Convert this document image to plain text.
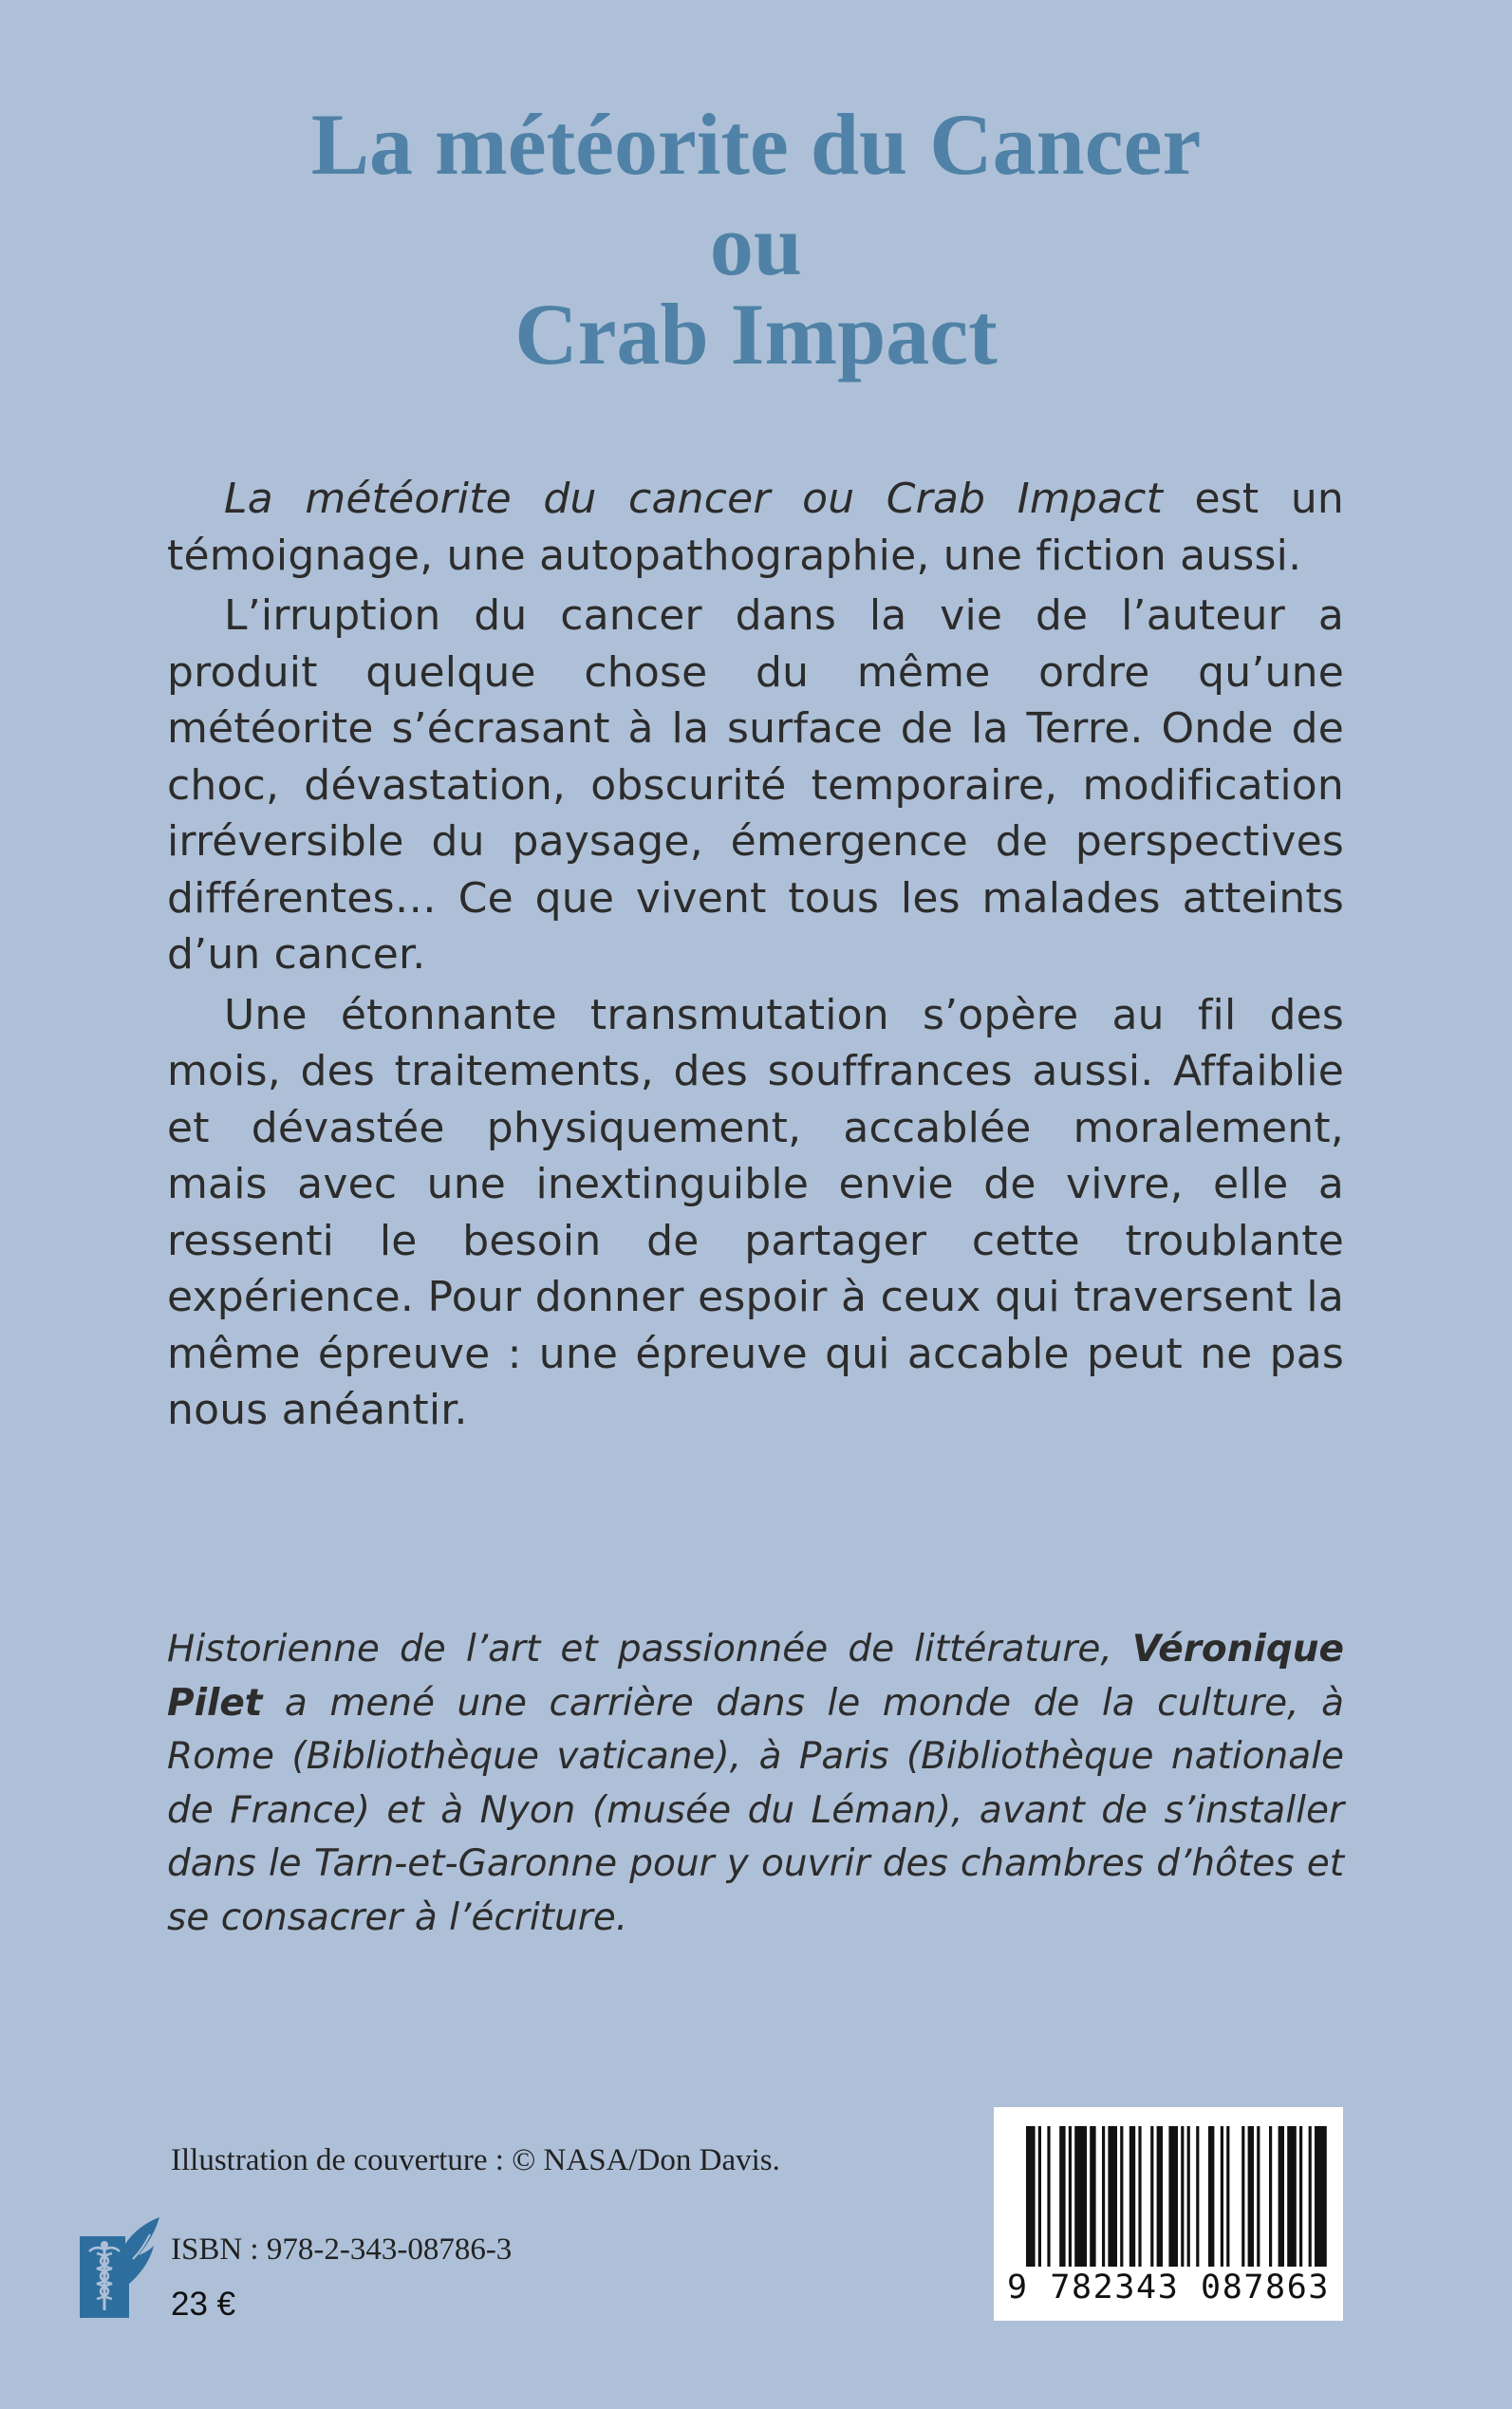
La météorite du Cancer
ou
Crab Impact

La météorite du cancer ou Crab Impact est un témoignage, une autopathographie, une fiction aussi.

L’irruption du cancer dans la vie de l’auteur a produit quelque chose du même ordre qu’une météorite s’écrasant à la surface de la Terre. Onde de choc, dévastation, obscurité temporaire, modification irréversible du paysage, émergence de perspectives différentes… Ce que vivent tous les malades atteints d’un cancer.

Une étonnante transmutation s’opère au fil des mois, des traitements, des souffrances aussi. Affaiblie et dévastée physiquement, accablée moralement, mais avec une inextinguible envie de vivre, elle a ressenti le besoin de partager cette troublante expérience. Pour donner espoir à ceux qui traversent la même épreuve : une épreuve qui accable peut ne pas nous anéantir.

Historienne de l’art et passionnée de littérature, Véronique Pilet a mené une carrière dans le monde de la culture, à Rome (Bibliothèque vaticane), à Paris (Bibliothèque nationale de France) et à Nyon (musée du Léman), avant de s’installer dans le Tarn-et-Garonne pour y ouvrir des chambres d’hôtes et se consacrer à l’écriture.

Illustration de couverture : © NASA/Don Davis.
ISBN : 978-2-343-08786-3
23 €	9 782343 087863
